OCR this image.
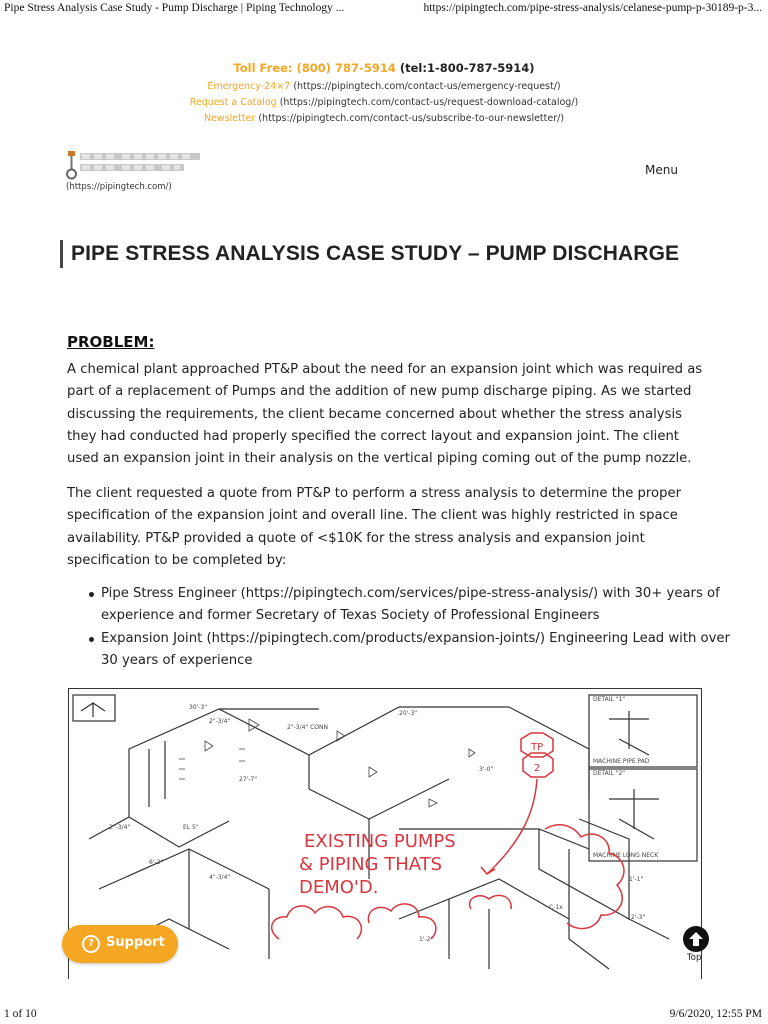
Pipe Stress Analysis Case Study - Pump Discharge | Piping Technology ...	https://pipingtech.com/pipe-stress-analysis/celanese-pump-p-30189-p-3...
Toll Free: (800) 787-5914 (tel:1-800-787-5914)
Emergency-24×7 (https://pipingtech.com/contact-us/emergency-request/)
Request a Catalog (https://pipingtech.com/contact-us/request-download-catalog/)
Newsletter (https://pipingtech.com/contact-us/subscribe-to-our-newsletter/)
(https://pipingtech.com/)
Menu
PIPE STRESS ANALYSIS CASE STUDY – PUMP DISCHARGE
PROBLEM:
A chemical plant approached PT&P about the need for an expansion joint which was required as part of a replacement of Pumps and the addition of new pump discharge piping. As we started discussing the requirements, the client became concerned about whether the stress analysis they had conducted had properly specified the correct layout and expansion joint. The client used an expansion joint in their analysis on the vertical piping coming out of the pump nozzle.
The client requested a quote from PT&P to perform a stress analysis to determine the proper specification of the expansion joint and overall line. The client was highly restricted in space availability. PT&P provided a quote of <$10K for the stress analysis and expansion joint specification to be completed by:
Pipe Stress Engineer (https://pipingtech.com/services/pipe-stress-analysis/) with 30+ years of experience and former Secretary of Texas Society of Professional Engineers
Expansion Joint (https://pipingtech.com/products/expansion-joints/) Engineering Lead with over 30 years of experience
30'-3"
2"-3/4"
2"-3/4" CONN
20'-3"
27'-7"
2"-3/4"	EL 5"
6'-2"
4"-3/4"
3'-0"
DETAIL "1"
DETAIL "2"
MACHINE PIPE PAD
MACHINE LONG NECK
1'-1"
2'-3"
C-1x
1'-2"
TP
2
EXISTING PUMPS
& PIPING THATS
DEMO'D.
? Support
Top
1 of 10	9/6/2020, 12:55 PM
